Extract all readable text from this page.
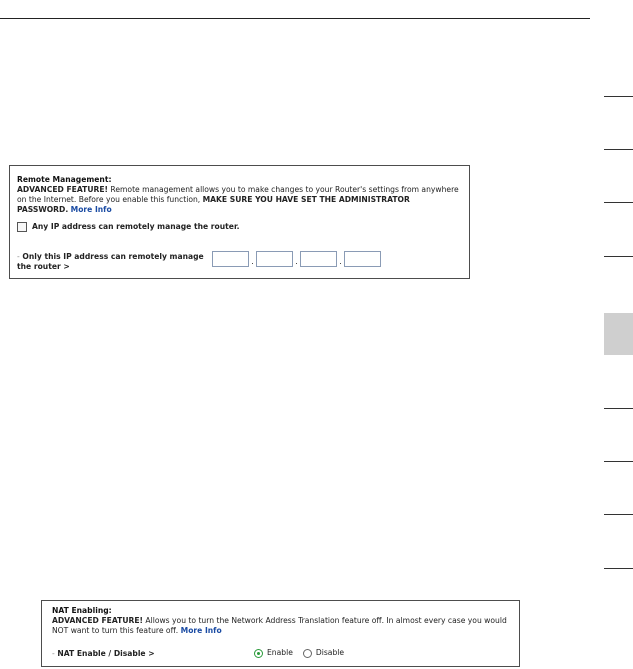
Remote Management:
ADVANCED FEATURE! Remote management allows you to make changes to your Router's settings from anywhere on the Internet. Before you enable this function, MAKE SURE YOU HAVE SET THE ADMINISTRATOR PASSWORD. More Info
Any IP address can remotely manage the router.
- Only this IP address can remotely manage the router >
.	.	.
NAT Enabling:
ADVANCED FEATURE! Allows you to turn the Network Address Translation feature off. In almost every case you would NOT want to turn this feature off. More Info
- NAT Enable / Disable >	Enable	Disable
